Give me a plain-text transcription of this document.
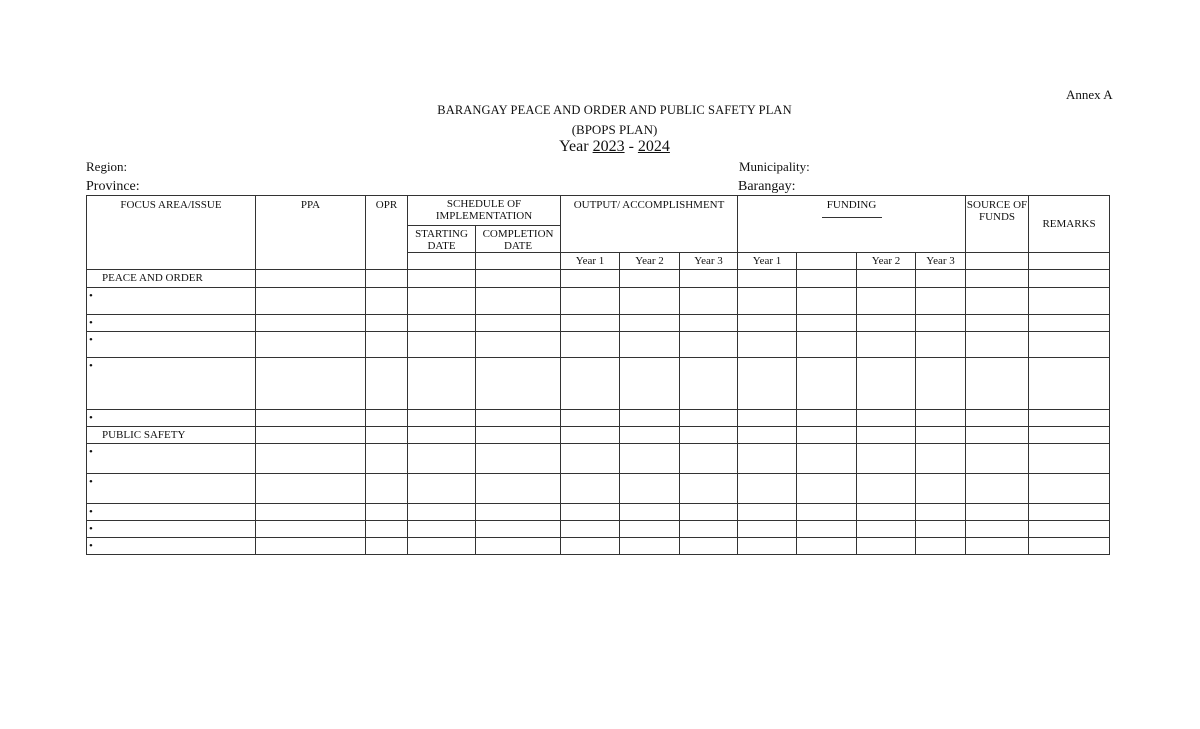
Annex A
BARANGAY PEACE AND ORDER AND PUBLIC SAFETY PLAN
(BPOPS PLAN)
Year 2023 - 2024
Region:
Province:
Municipality:
Barangay:
FOCUS AREA/ISSUE	PPA	OPR	SCHEDULE OF IMPLEMENTATION		OUTPUT/ ACCOMPLISHMENT			FUNDING				SOURCE OF FUNDS	REMARKS
			STARTING DATE	COMPLETION DATE									
					Year 1	Year 2	Year 3	Year 1		Year 2	Year 3		
PEACE AND ORDER													
•													
•													
•													
•													
•													
PUBLIC SAFETY													
•													
•													
•													
•													
•													
